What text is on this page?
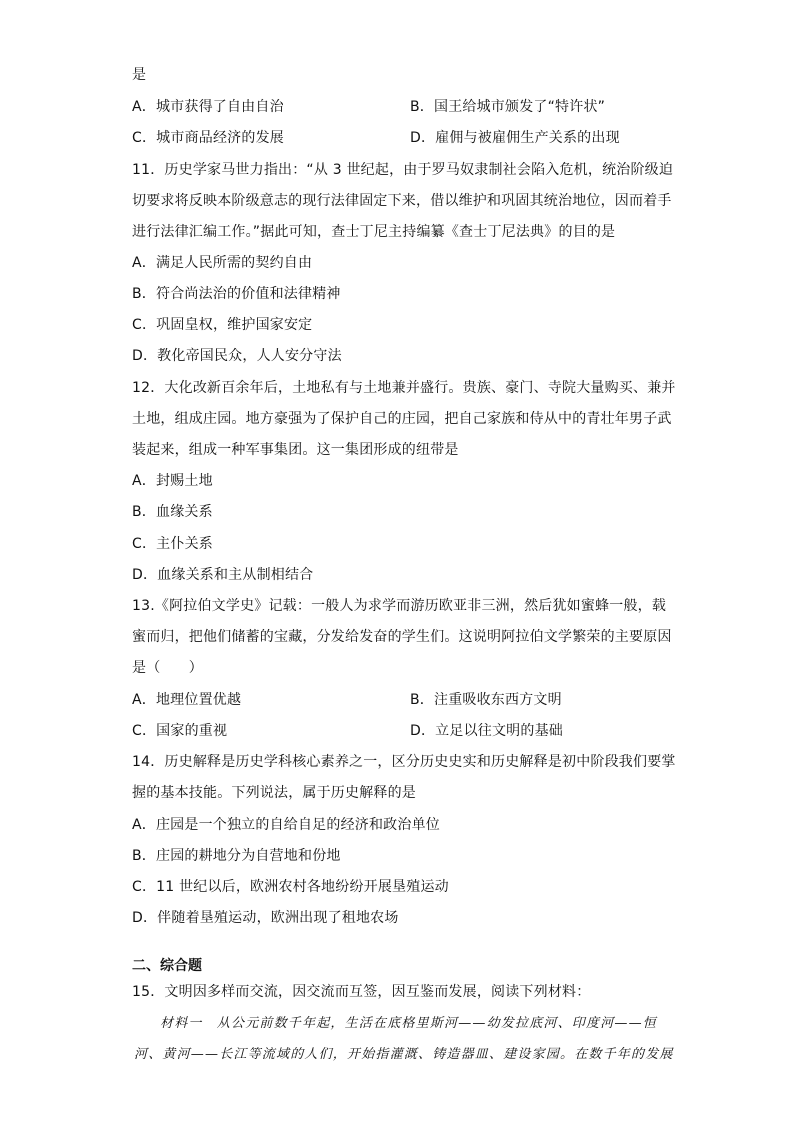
是
A．城市获得了自由自治	B．国王给城市颁发了“特许状”
C．城市商品经济的发展	D．雇佣与被雇佣生产关系的出现
11．历史学家马世力指出：“从 3 世纪起，由于罗马奴隶制社会陷入危机，统治阶级迫
切要求将反映本阶级意志的现行法律固定下来，借以维护和巩固其统治地位，因而着手
进行法律汇编工作。”据此可知，查士丁尼主持编纂《查士丁尼法典》的目的是
A．满足人民所需的契约自由
B．符合尚法治的价值和法律精神
C．巩固皇权，维护国家安定
D．教化帝国民众，人人安分守法
12．大化改新百余年后，土地私有与土地兼并盛行。贵族、豪门、寺院大量购买、兼并
土地，组成庄园。地方豪强为了保护自己的庄园，把自己家族和侍从中的青壮年男子武
装起来，组成一种军事集团。这一集团形成的纽带是
A．封赐土地
B．血缘关系
C．主仆关系
D．血缘关系和主从制相结合
13.《阿拉伯文学史》记载：一般人为求学而游历欧亚非三洲，然后犹如蜜蜂一般，载
蜜而归，把他们储蓄的宝藏，分发给发奋的学生们。这说明阿拉伯文学繁荣的主要原因
是（　　）
A．地理位置优越	B．注重吸收东西方文明
C．国家的重视	D．立足以往文明的基础
14．历史解释是历史学科核心素养之一，区分历史史实和历史解释是初中阶段我们要掌
握的基本技能。下列说法，属于历史解释的是
A．庄园是一个独立的自给自足的经济和政治单位
B．庄园的耕地分为自营地和份地
C．11 世纪以后，欧洲农村各地纷纷开展垦殖运动
D．伴随着垦殖运动，欧洲出现了租地农场
二、综合题
15．文明因多样而交流，因交流而互签，因互鉴而发展，阅读下列材料：
材料一　从公元前数千年起，生活在底格里斯河——幼发拉底河、印度河——恒
河、黄河——长江等流域的人们，开始指灌溉、铸造器皿、建设家园。在数千年的发展
